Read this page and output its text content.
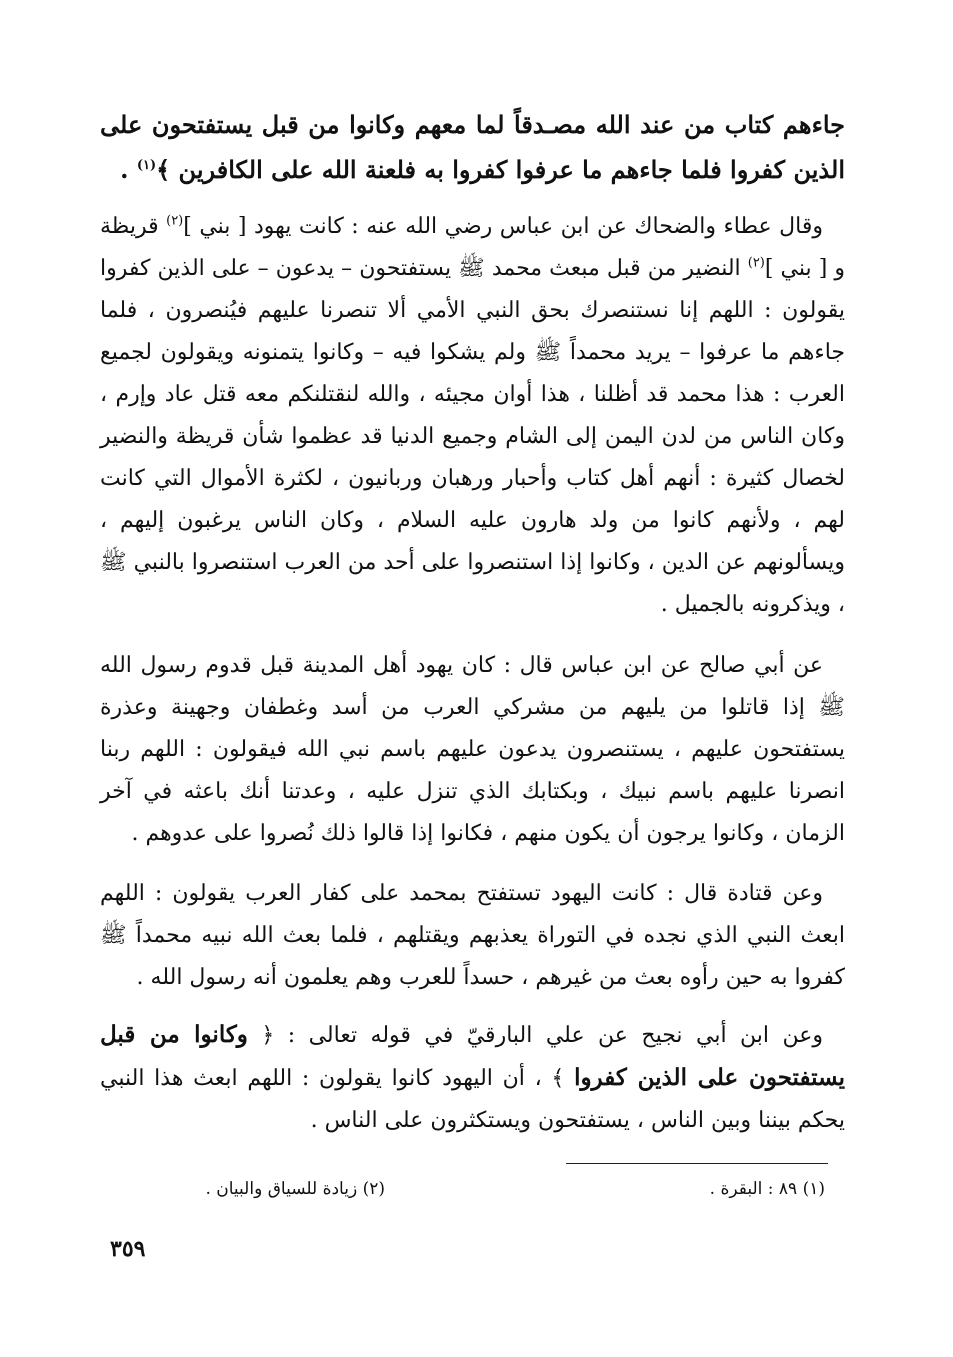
جاءهم كتاب من عند الله مصـدقاً لما معهم وكانوا من قبل يستفتحون على الذين كفروا فلما جاءهم ما عرفوا كفروا به فلعنة الله على الكافرين ﴾$^{(١)}$ .
وقال عطاء والضحاك عن ابن عباس رضي الله عنه : كانت يهود [ بني ]$^{(٢)}$ قريظة و [ بني ]$^{(٢)}$ النضير من قبل مبعث محمد ﷺ يستفتحون – يدعون – على الذين كفروا يقولون : اللهم إنا نستنصرك بحق النبي الأمي ألا تنصرنا عليهم فيُنصرون ، فلما جاءهم ما عرفوا – يريد محمداً ﷺ ولم يشكوا فيه – وكانوا يتمنونه ويقولون لجميع العرب : هذا محمد قد أظلنا ، هذا أوان مجيئه ، والله لنقتلنكم معه قتل عاد وإرم ، وكان الناس من لدن اليمن إلى الشام وجميع الدنيا قد عظموا شأن قريظة والنضير لخصال كثيرة : أنهم أهل كتاب وأحبار ورهبان وربانيون ، لكثرة الأموال التي كانت لهم ، ولأنهم كانوا من ولد هارون عليه السلام ، وكان الناس يرغبون إليهم ، ويسألونهم عن الدين ، وكانوا إذا استنصروا على أحد من العرب استنصروا بالنبي ﷺ ، ويذكرونه بالجميل .
عن أبي صالح عن ابن عباس قال : كان يهود أهل المدينة قبل قدوم رسول الله ﷺ إذا قاتلوا من يليهم من مشركي العرب من أسد وغطفان وجهينة وعذرة يستفتحون عليهم ، يستنصرون يدعون عليهم باسم نبي الله فيقولون : اللهم ربنا انصرنا عليهم باسم نبيك ، وبكتابك الذي تنزل عليه ، وعدتنا أنك باعثه في آخر الزمان ، وكانوا يرجون أن يكون منهم ، فكانوا إذا قالوا ذلك نُصروا على عدوهم .
وعن قتادة قال : كانت اليهود تستفتح بمحمد على كفار العرب يقولون : اللهم ابعث النبي الذي نجده في التوراة يعذبهم ويقتلهم ، فلما بعث الله نبيه محمداً ﷺ كفروا به حين رأوه بعث من غيرهم ، حسداً للعرب وهم يعلمون أنه رسول الله .
وعن ابن أبي نجيح عن علي البارقيّ في قوله تعالى : ﴿ وكانوا من قبل يستفتحون على الذين كفروا ﴾ ، أن اليهود كانوا يقولون : اللهم ابعث هذا النبي يحكم بيننا وبين الناس ، يستفتحون ويستكثرون على الناس .
(١) ٨٩ : البقرة .
(٢) زيادة للسياق والبيان .
٣٥٩
